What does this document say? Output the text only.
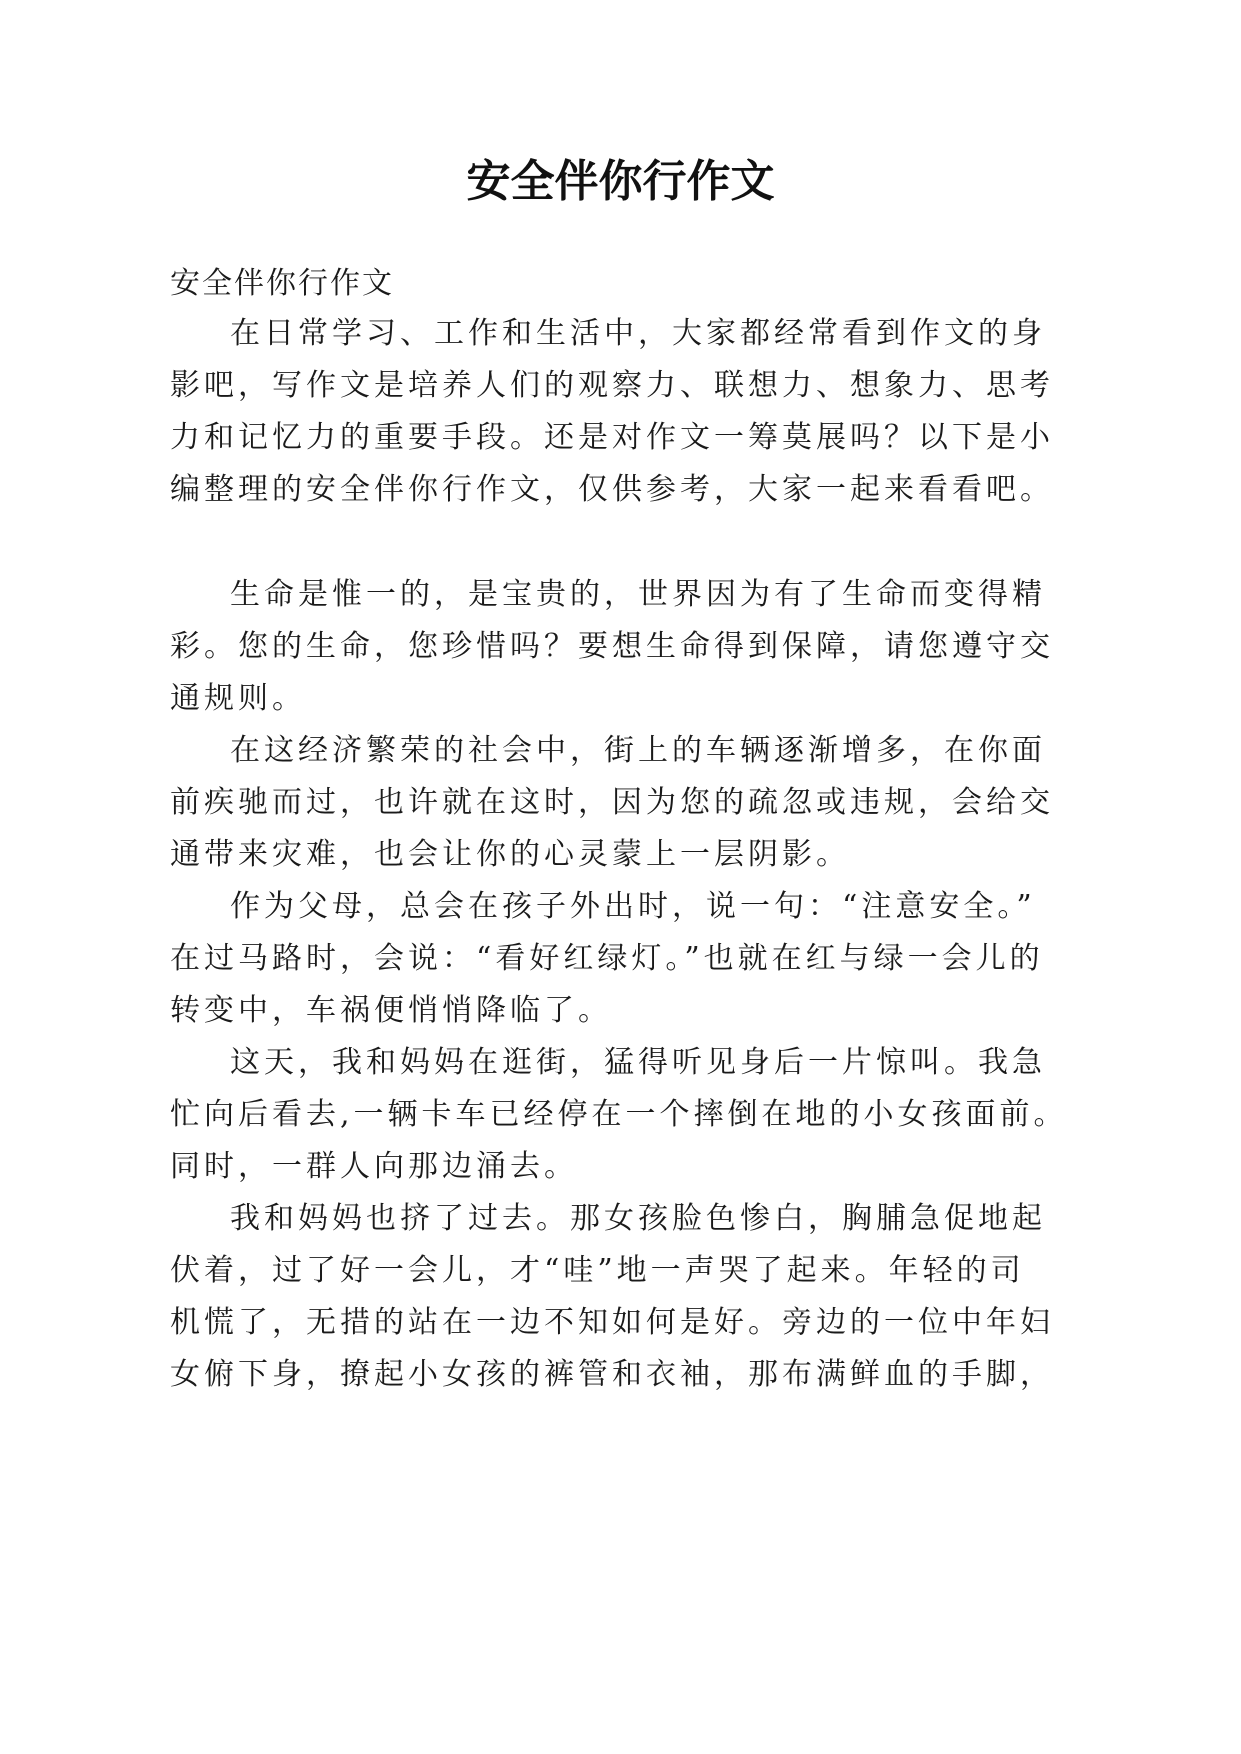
安全伴你行作文

安全伴你行作文

在日常学习、工作和生活中，大家都经常看到作文的身

影吧，写作文是培养人们的观察力、联想力、想象力、思考

力和记忆力的重要手段。还是对作文一筹莫展吗？以下是小

编整理的安全伴你行作文，仅供参考，大家一起来看看吧。

生命是惟一的，是宝贵的，世界因为有了生命而变得精

彩。您的生命，您珍惜吗？要想生命得到保障，请您遵守交

通规则。

在这经济繁荣的社会中，街上的车辆逐渐增多，在你面

前疾驰而过，也许就在这时，因为您的疏忽或违规，会给交

通带来灾难，也会让你的心灵蒙上一层阴影。

作为父母，总会在孩子外出时，说一句：“注意安全。”

在过马路时，会说：“看好红绿灯。”也就在红与绿一会儿的

转变中，车祸便悄悄降临了。

这天，我和妈妈在逛街，猛得听见身后一片惊叫。我急

忙向后看去,一辆卡车已经停在一个摔倒在地的小女孩面前。

同时，一群人向那边涌去。

我和妈妈也挤了过去。那女孩脸色惨白，胸脯急促地起

伏着，过了好一会儿，才“哇”地一声哭了起来。年轻的司

机慌了，无措的站在一边不知如何是好。旁边的一位中年妇

女俯下身，撩起小女孩的裤管和衣袖，那布满鲜血的手脚，
